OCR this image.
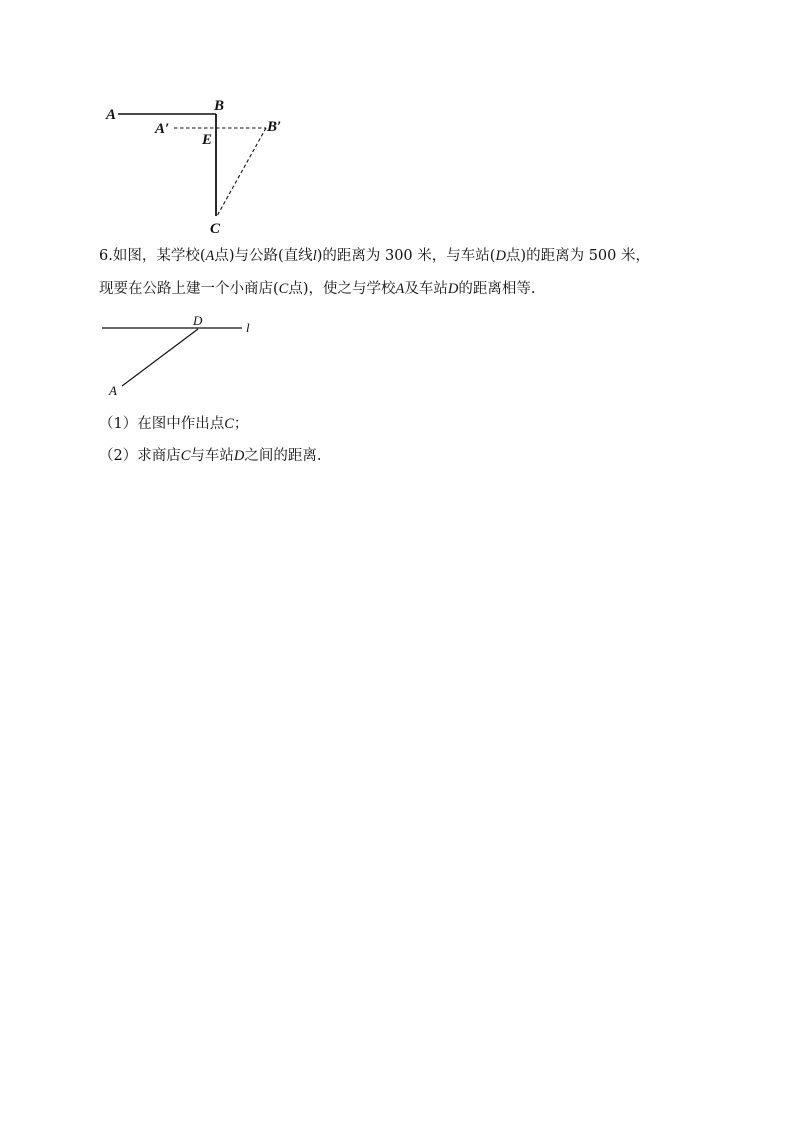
A
B
A′	B′
E
C
6.如图，某学校(A点)与公路(直线l)的距离为 300 米，与车站(D点)的距离为 500 米，
现要在公路上建一个小商店(C点)，使之与学校A及车站D的距离相等.
D	l
A
（1）在图中作出点C；
（2）求商店C与车站D之间的距离.
